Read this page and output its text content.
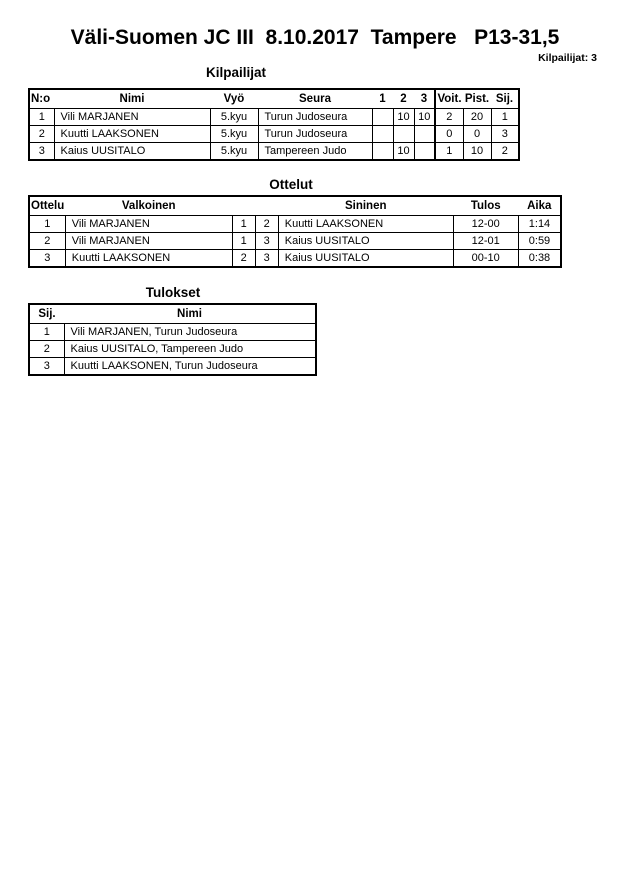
Väli-Suomen JC III  8.10.2017  Tampere   P13-31,5
Kilpailijat: 3
Kilpailijat
N:o	Nimi	Vyö	Seura	1	2	3	Voit.	Pist.	Sij.
1	Vili MARJANEN	5.kyu	Turun Judoseura		10	10	2	20	1
2	Kuutti LAAKSONEN	5.kyu	Turun Judoseura				0	0	3
3	Kaius UUSITALO	5.kyu	Tampereen Judo		10		1	10	2
Ottelut
Ottelu	Valkoinen			Sininen	Tulos	Aika
1	Vili MARJANEN	1	2	Kuutti LAAKSONEN	12-00	1:14
2	Vili MARJANEN	1	3	Kaius UUSITALO	12-01	0:59
3	Kuutti LAAKSONEN	2	3	Kaius UUSITALO	00-10	0:38
Tulokset
Sij.	Nimi
1	Vili MARJANEN, Turun Judoseura
2	Kaius UUSITALO, Tampereen Judo
3	Kuutti LAAKSONEN, Turun Judoseura
